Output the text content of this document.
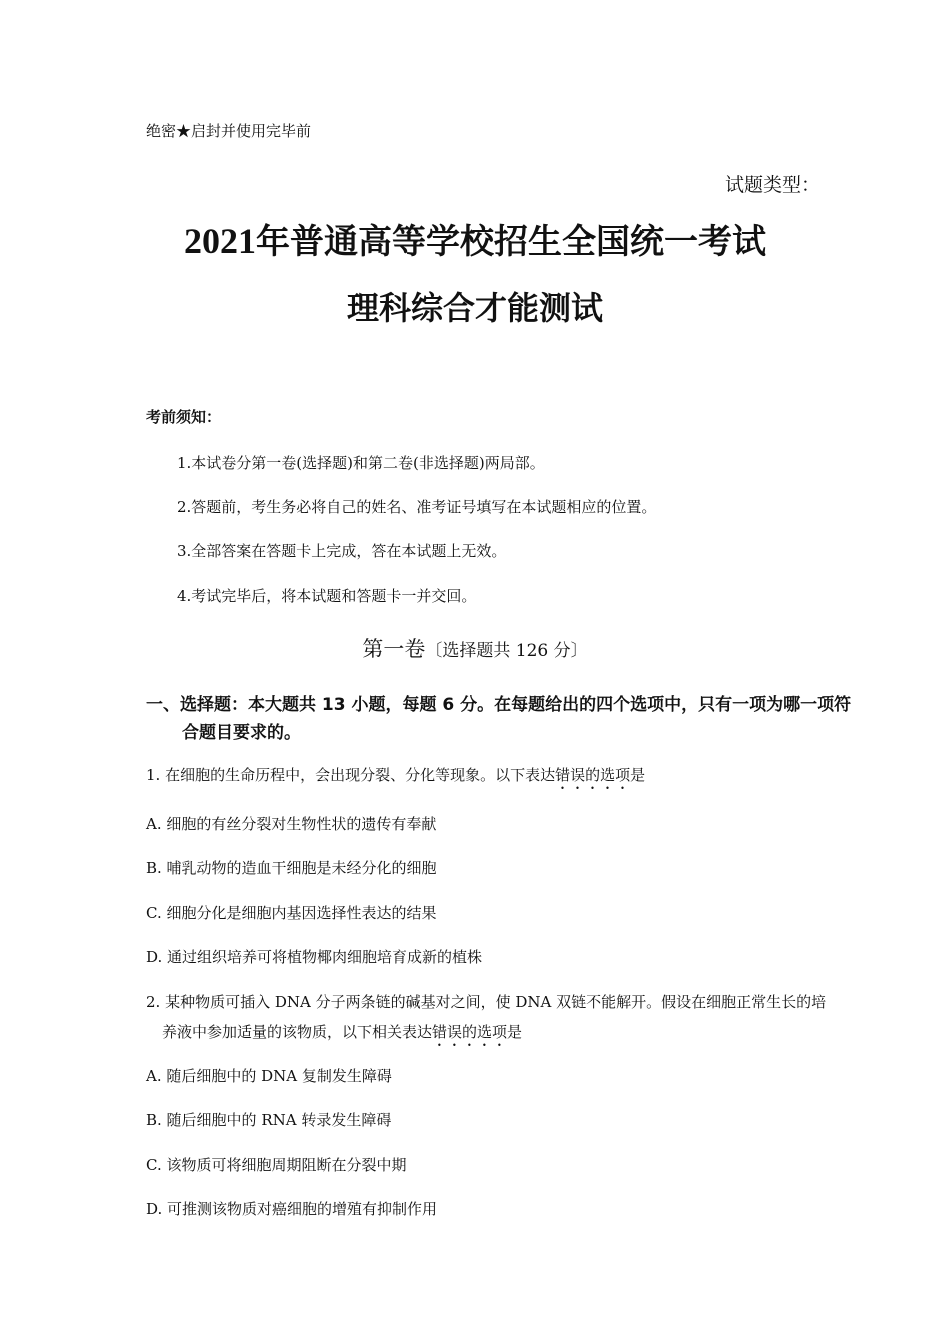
绝密★启封并使用完毕前
试题类型：
2021年普通高等学校招生全国统一考试
理科综合才能测试
考前须知：
1.本试卷分第一卷(选择题)和第二卷(非选择题)两局部。
2.答题前，考生务必将自己的姓名、准考证号填写在本试题相应的位置。
3.全部答案在答题卡上完成，答在本试题上无效。
4.考试完毕后，将本试题和答题卡一并交回。
第一卷〔选择题共 126 分〕
一、选择题：本大题共 13 小题，每题 6 分。在每题给出的四个选项中，只有一项为哪一项符合题目要求的。
1. 在细胞的生命历程中，会出现分裂、分化等现象。以下表达错误的选项是
A. 细胞的有丝分裂对生物性状的遗传有奉献
B. 哺乳动物的造血干细胞是未经分化的细胞
C. 细胞分化是细胞内基因选择性表达的结果
D. 通过组织培养可将植物椰肉细胞培育成新的植株
2. 某种物质可插入 DNA 分子两条链的碱基对之间，使 DNA 双链不能解开。假设在细胞正常生长的培养液中参加适量的该物质，以下相关表达错误的选项是
A. 随后细胞中的 DNA 复制发生障碍
B. 随后细胞中的 RNA 转录发生障碍
C. 该物质可将细胞周期阻断在分裂中期
D. 可推测该物质对癌细胞的增殖有抑制作用
